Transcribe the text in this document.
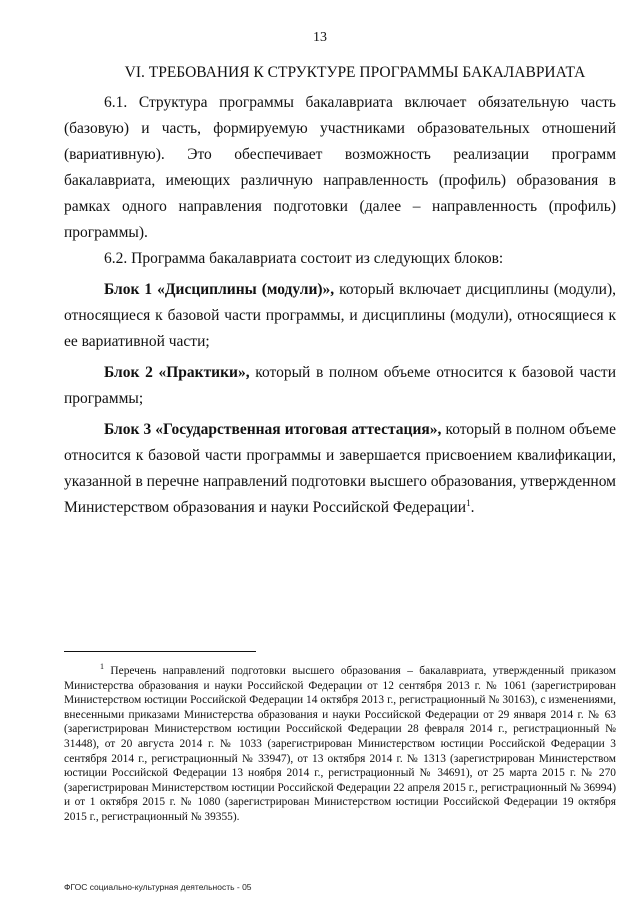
13
VI. ТРЕБОВАНИЯ К СТРУКТУРЕ ПРОГРАММЫ БАКАЛАВРИАТА

6.1. Структура программы бакалавриата включает обязательную часть (базовую) и часть, формируемую участниками образовательных отношений (вариативную). Это обеспечивает возможность реализации программ бакалавриата, имеющих различную направленность (профиль) образования в рамках одного направления подготовки (далее – направленность (профиль) программы).

6.2. Программа бакалавриата состоит из следующих блоков:

Блок 1 «Дисциплины (модули)», который включает дисциплины (модули), относящиеся к базовой части программы, и дисциплины (модули), относящиеся к ее вариативной части;

Блок 2 «Практики», который в полном объеме относится к базовой части программы;

Блок 3 «Государственная итоговая аттестация», который в полном объеме относится к базовой части программы и завершается присвоением квалификации, указанной в перечне направлений подготовки высшего образования, утвержденном Министерством образования и науки Российской Федерации$^1$.

$^1$ Перечень направлений подготовки высшего образования – бакалавриата, утвержденный приказом Министерства образования и науки Российской Федерации от 12 сентября 2013 г. № 1061 (зарегистрирован Министерством юстиции Российской Федерации 14 октября 2013 г., регистрационный № 30163), с изменениями, внесенными приказами Министерства образования и науки Российской Федерации от 29 января 2014 г. № 63 (зарегистрирован Министерством юстиции Российской Федерации 28 февраля 2014 г., регистрационный № 31448), от 20 августа 2014 г. № 1033 (зарегистрирован Министерством юстиции Российской Федерации 3 сентября 2014 г., регистрационный № 33947), от 13 октября 2014 г. № 1313 (зарегистрирован Министерством юстиции Российской Федерации 13 ноября 2014 г., регистрационный № 34691), от 25 марта 2015 г. № 270 (зарегистрирован Министерством юстиции Российской Федерации 22 апреля 2015 г., регистрационный № 36994) и от 1 октября 2015 г. № 1080 (зарегистрирован Министерством юстиции Российской Федерации 19 октября 2015 г., регистрационный № 39355).

ФГОС социально-культурная деятельность - 05
